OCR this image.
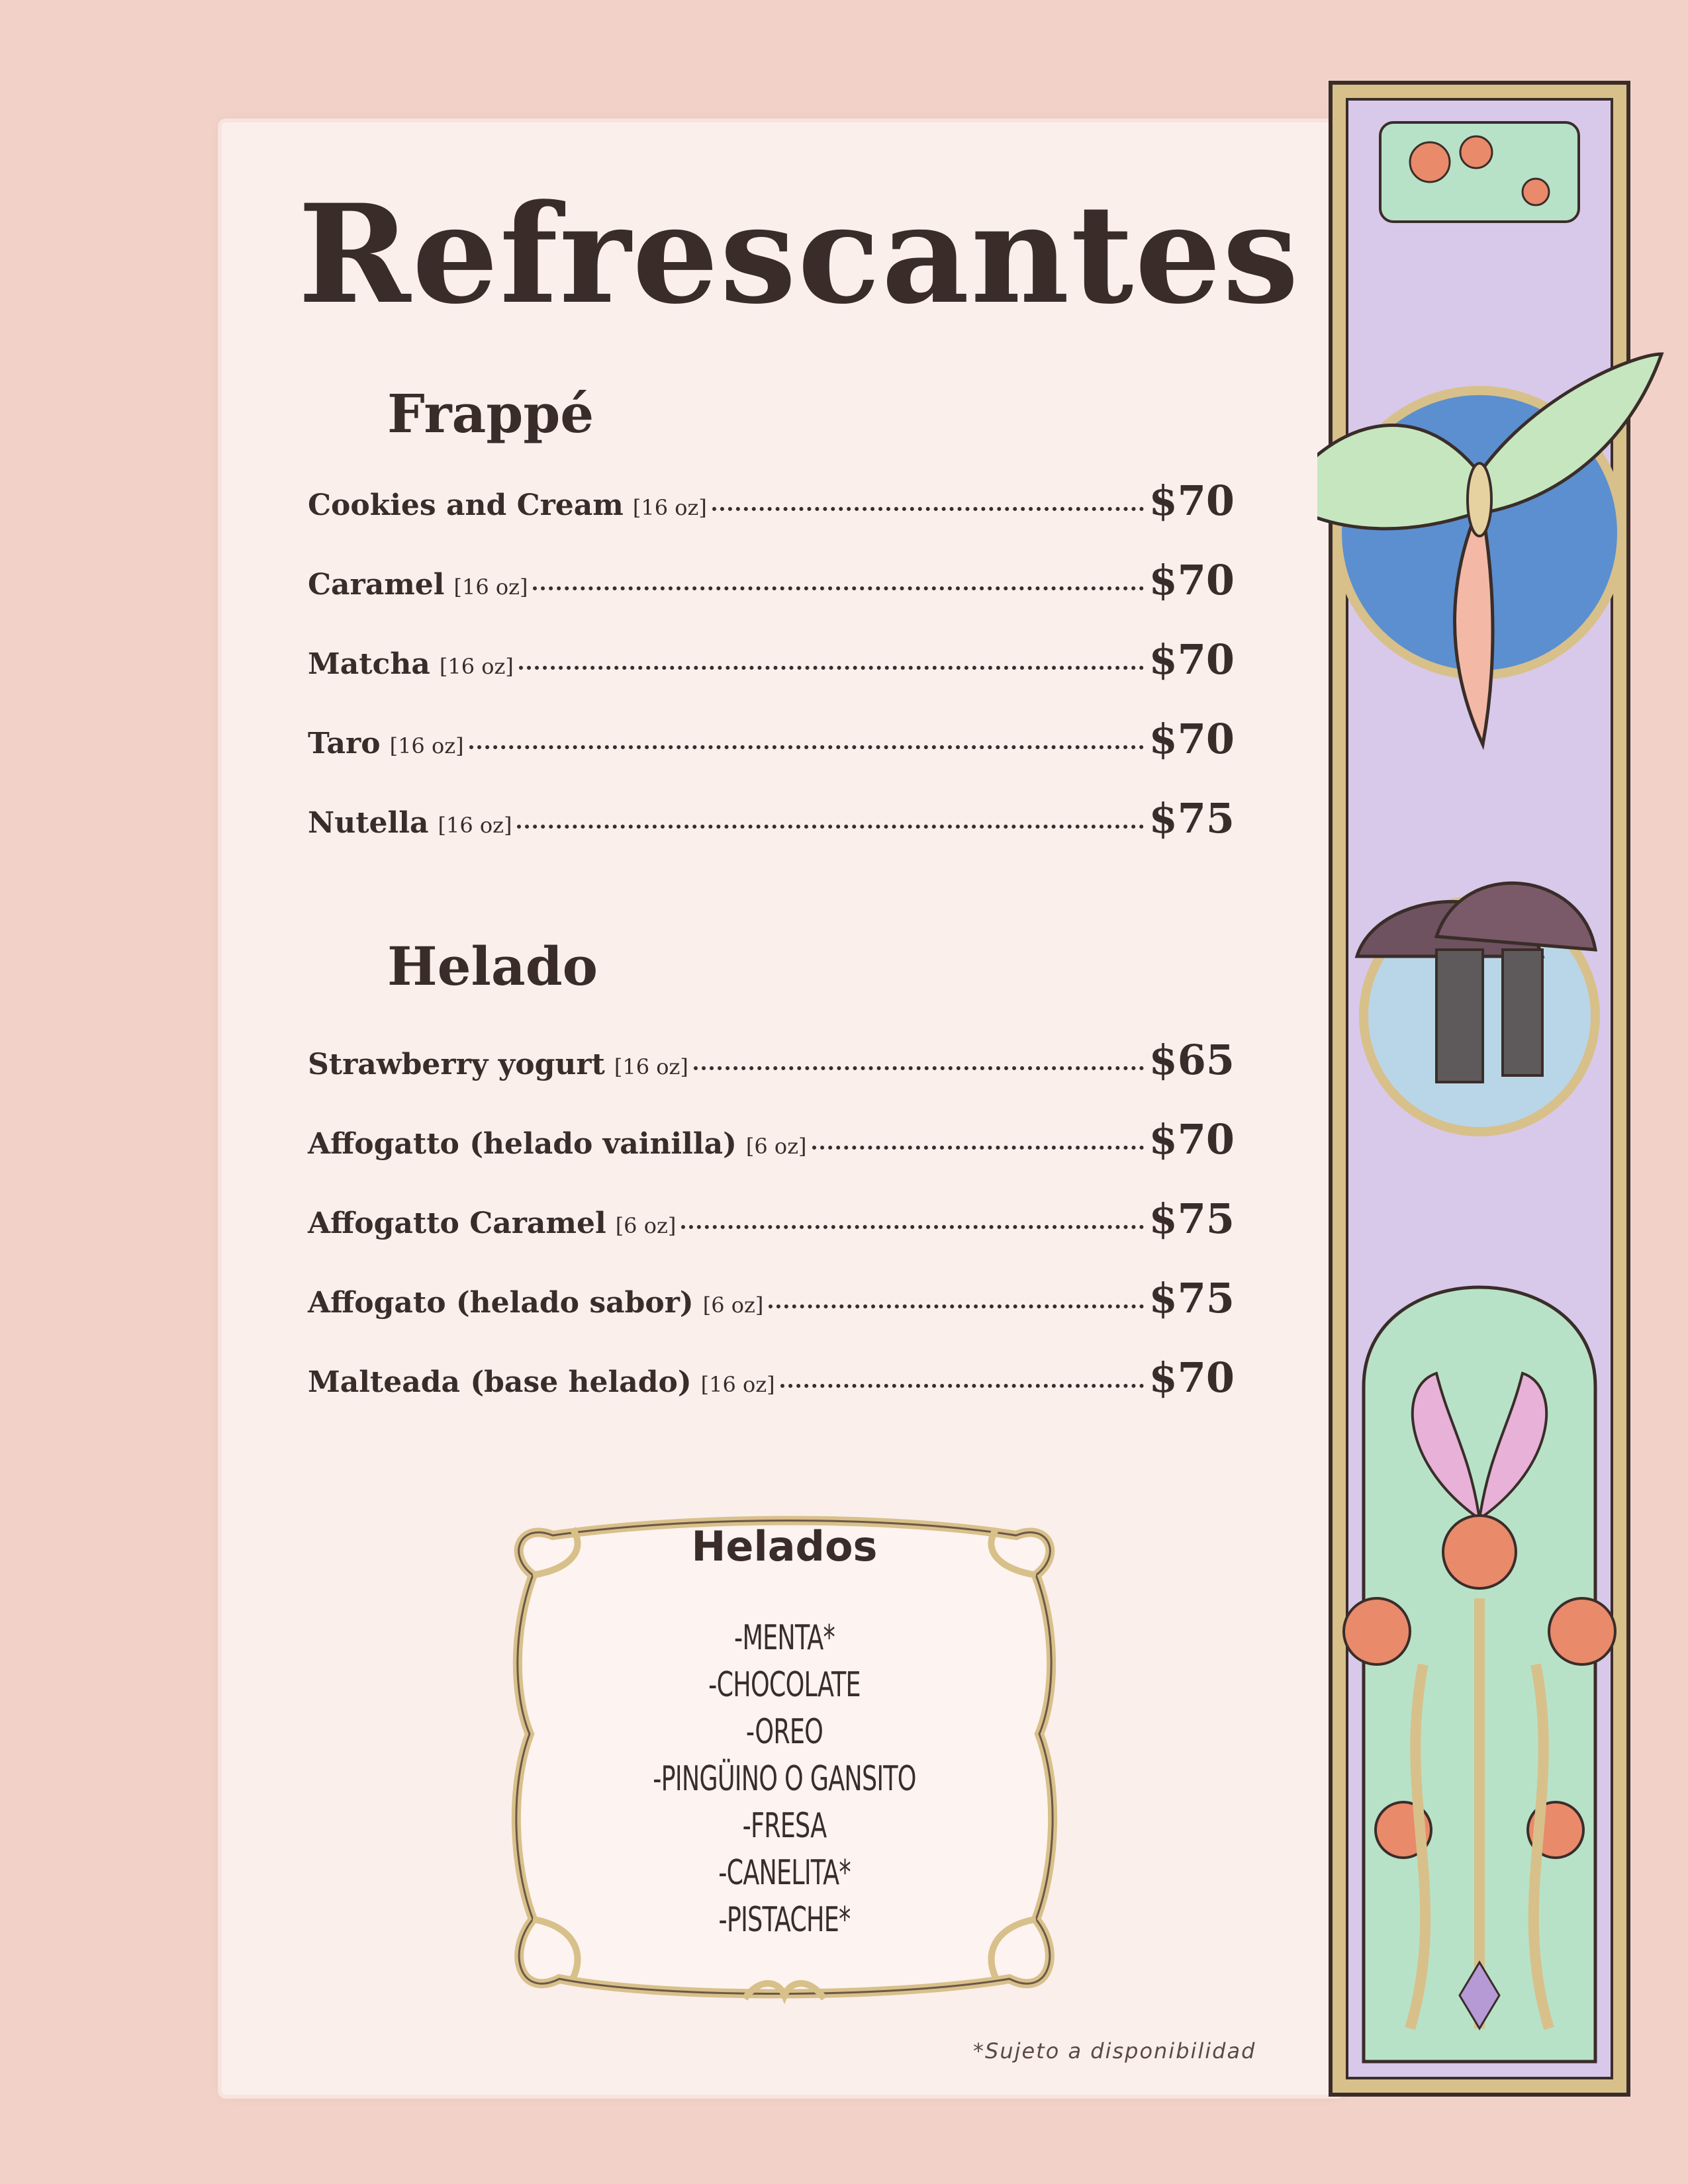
Refrescantes
Frappé
Cookies and Cream [16 oz]	$70
Caramel [16 oz]	$70
Matcha [16 oz]	$70
Taro [16 oz]	$70
Nutella [16 oz]	$75
Helado
Strawberry yogurt [16 oz]	$65
Affogatto (helado vainilla) [6 oz]	$70
Affogatto Caramel [6 oz]	$75
Affogato (helado sabor) [6 oz]	$75
Malteada (base helado) [16 oz]	$70
Helados
-MENTA*
-CHOCOLATE
-OREO
-PINGÜINO O GANSITO
-FRESA
-CANELITA*
-PISTACHE*
*Sujeto a disponibilidad
